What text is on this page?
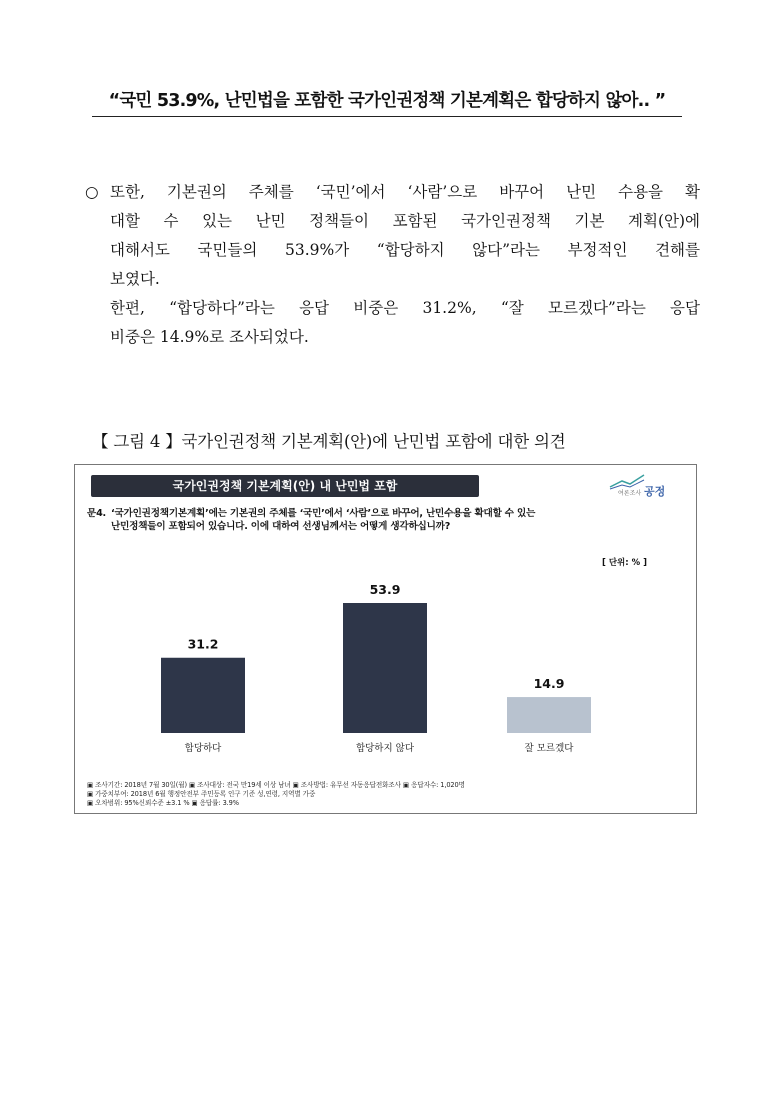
“국민 53.9%, 난민법을 포함한 국가인권정책 기본계획은 합당하지 않아.. ”
○ 또한, 기본권의 주체를 ‘국민’에서 ‘사람’으로 바꾸어 난민 수용을 확
대할 수 있는 난민 정책들이 포함된 국가인권정책 기본 계획(안)에
대해서도 국민들의 53.9%가 “합당하지 않다”라는 부정적인 견해를
보였다.
한편, “합당하다”라는 응답 비중은 31.2%, “잘 모르겠다”라는 응답
비중은 14.9%로 조사되었다.
【 그림 4 】국가인권정책 기본계획(안)에 난민법 포함에 대한 의견
국가인권정책 기본계획(안) 내 난민법 포함
여론조사 공정
문4. ‘국가인권정책기본계획’에는 기본권의 주체를 ‘국민’에서 ‘사람’으로 바꾸어, 난민수용을 확대할 수 있는
난민정책들이 포함되어 있습니다. 이에 대하여 선생님께서는 어떻게 생각하십니까?
[ 단위: % ]
31.2
합당하다
53.9
합당하지 않다
14.9
잘 모르겠다
▣ 조사기간: 2018년 7월 30일(월) ▣ 조사대상: 전국 만19세 이상 남녀 ▣ 조사방법: 유무선 자동응답전화조사 ▣ 응답자수: 1,020명
▣ 가중치부여: 2018년 6월 행정안전부 주민등록 인구 기준 성,연령, 지역별 가중
▣ 오차범위: 95%신뢰수준 ±3.1 % ▣ 응답률: 3.9%
